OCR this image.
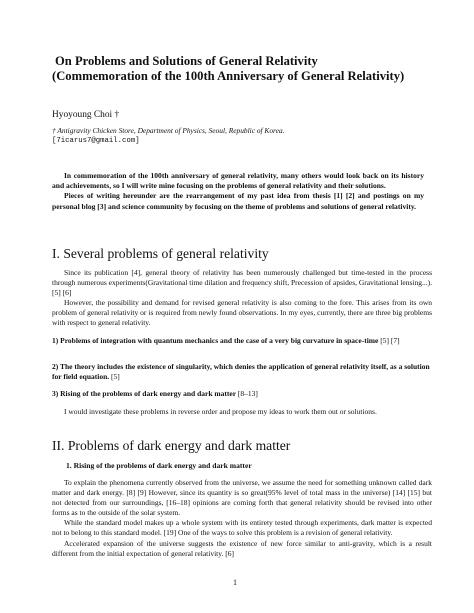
On Problems and Solutions of General Relativity
(Commemoration of the 100th Anniversary of General Relativity)
Hyoyoung Choi †
† Antigravity Chicken Store, Department of Physics, Seoul, Republic of Korea.
[7icarus7@gmail.com]

In commemoration of the 100th anniversary of general relativity, many others would look back on its history and achievements, so I will write mine focusing on the problems of general relativity and their solutions.

Pieces of writing hereunder are the rearrangement of my past idea from thesis [1] [2] and postings on my personal blog [3] and science community by focusing on the theme of problems and solutions of general relativity.

I. Several problems of general relativity

Since its publication [4], general theory of relativity has been numerously challenged but time-tested in the process through numerous experiments(Gravitational time dilation and frequency shift, Precession of apsides, Gravitational lensing...). [5] [6]

However, the possibility and demand for revised general relativity is also coming to the fore. This arises from its own problem of general relativity or is required from newly found observations. In my eyes, currently, there are three big problems with respect to general relativity.

1) Problems of integration with quantum mechanics and the case of a very big curvature in space-time [5] [7]
2) The theory includes the existence of singularity, which denies the application of general relativity itself, as a solution for field equation. [5]
3) Rising of the problems of dark energy and dark matter [8–13]

I would investigate these problems in reverse order and propose my ideas to work them out or solutions.

II. Problems of dark energy and dark matter
1. Rising of the problems of dark energy and dark matter

To explain the phenomena currently observed from the universe, we assume the need for something unknown called dark matter and dark energy. [8] [9] However, since its quantity is so great(95% level of total mass in the universe) [14] [15] but not detected from our surroundings, [16–18] opinions are coming forth that general relativity should be revised into other forms as to the outside of the solar system.

While the standard model makes up a whole system with its entirety tested through experiments, dark matter is expected not to belong to this standard model. [19] One of the ways to solve this problem is a revision of general relativity.

Accelerated expansion of the universe suggests the existence of new force similar to anti-gravity, which is a result different from the initial expectation of general relativity. [6]

1
